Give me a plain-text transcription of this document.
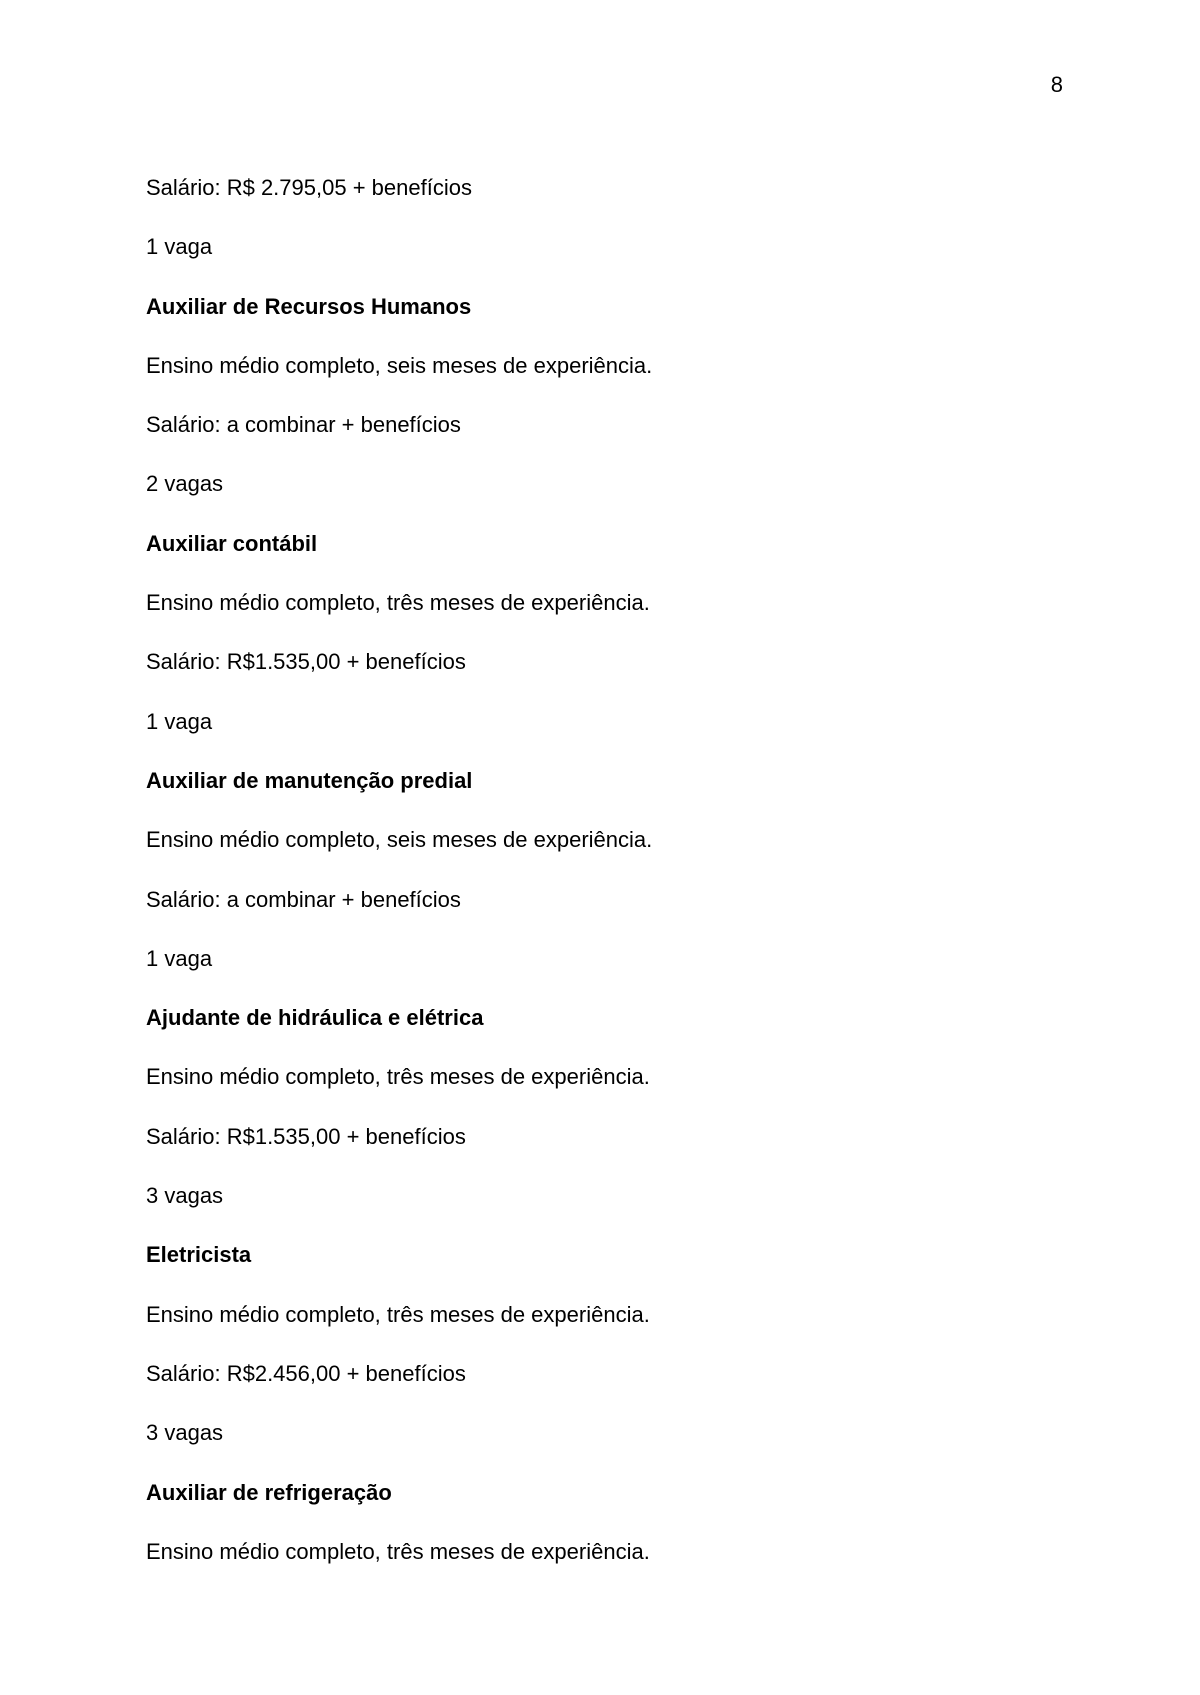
8
Salário: R$ 2.795,05 + benefícios
1 vaga
Auxiliar de Recursos Humanos
Ensino médio completo, seis meses de experiência.
Salário: a combinar + benefícios
2 vagas
Auxiliar contábil
Ensino médio completo, três meses de experiência.
Salário: R$1.535,00 + benefícios
1 vaga
Auxiliar de manutenção predial
Ensino médio completo, seis meses de experiência.
Salário: a combinar + benefícios
1 vaga
Ajudante de hidráulica e elétrica
Ensino médio completo, três meses de experiência.
Salário: R$1.535,00 + benefícios
3 vagas
Eletricista
Ensino médio completo, três meses de experiência.
Salário: R$2.456,00 + benefícios
3 vagas
Auxiliar de refrigeração
Ensino médio completo, três meses de experiência.
